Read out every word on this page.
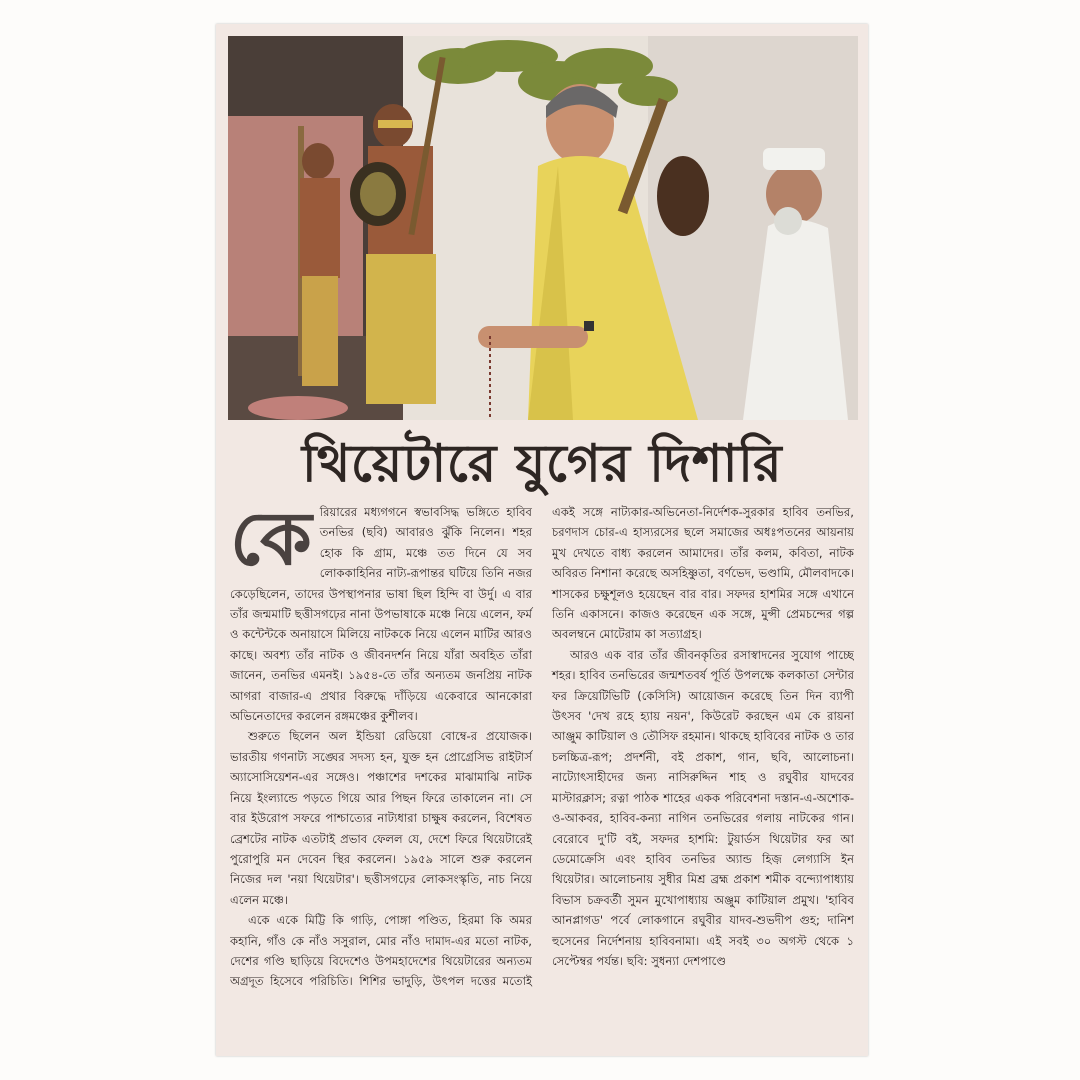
থিয়েটারে যুগের দিশারি

কেরিয়ারের মধ্যগগনে স্বভাবসিদ্ধ ভঙ্গিতে হাবিব তনভির (ছবি) আবারও ঝুঁকি নিলেন। শহর হোক কি গ্রাম, মঞ্চে তত দিনে যে সব লোককাহিনির নাট্য-রূপান্তর ঘটিয়ে তিনি নজর কেড়েছিলেন, তাদের উপস্থাপনার ভাষা ছিল হিন্দি বা উর্দু। এ বার তাঁর জন্মমাটি ছত্তীসগঢ়ের নানা উপভাষাকে মঞ্চে নিয়ে এলেন, ফর্ম ও কন্টেন্টকে অনায়াসে মিলিয়ে নাটককে নিয়ে এলেন মাটির আরও কাছে। অবশ্য তাঁর নাটক ও জীবনদর্শন নিয়ে যাঁরা অবহিত তাঁরা জানেন, তনভির এমনই। ১৯৫৪-তে তাঁর অন্যতম জনপ্রিয় নাটক আগরা বাজার-এ প্রথার বিরুদ্ধে দাঁড়িয়ে একেবারে আনকোরা অভিনেতাদের করলেন রঙ্গমঞ্চের কুশীলব।

শুরুতে ছিলেন অল ইন্ডিয়া রেডিয়ো বোম্বে-র প্রযোজক। ভারতীয় গণনাট্য সঙ্ঘের সদস্য হন, যুক্ত হন প্রোগ্রেসিভ রাইটার্স অ্যাসোসিয়েশন-এর সঙ্গেও। পঞ্চাশের দশকের মাঝামাঝি নাটক নিয়ে ইংল্যান্ডে পড়তে গিয়ে আর পিছন ফিরে তাকালেন না। সে বার ইউরোপ সফরে পাশ্চাত্যের নাট্যধারা চাক্ষুষ করলেন, বিশেষত ব্রেশটের নাটক এতটাই প্রভাব ফেলল যে, দেশে ফিরে থিয়েটারেই পুরোপুরি মন দেবেন স্থির করলেন। ১৯৫৯ সালে শুরু করলেন নিজের দল 'নয়া থিয়েটার'। ছত্তীসগঢ়ের লোকসংস্কৃতি, নাচ নিয়ে এলেন মঞ্চে।

একে একে মিট্টি কি গাড়ি, পোঙ্গা পণ্ডিত, হিরমা কি অমর কহানি, গাঁও কে নাঁও সসুরাল, মোর নাঁও দামাদ-এর মতো নাটক, দেশের গণ্ডি ছাড়িয়ে বিদেশেও উপমহাদেশের থিয়েটারের অন্যতম অগ্রদূত হিসেবে পরিচিতি। শিশির ভাদুড়ি, উৎপল দত্তের মতোই একই সঙ্গে নাট্যকার-অভিনেতা-নির্দেশক-সুরকার হাবিব তনভির, চরণদাস চোর-এ হাস্যরসের ছলে সমাজের অধঃপতনের আয়নায় মুখ দেখতে বাধ্য করলেন আমাদের। তাঁর কলম, কবিতা, নাটক অবিরত নিশানা করেছে অসহিষ্ণুতা, বর্ণভেদ, ভণ্ডামি, মৌলবাদকে। শাসকের চক্ষুশূলও হয়েছেন বার বার। সফদর হাশমির সঙ্গে এখানে তিনি একাসনে। কাজও করেছেন এক সঙ্গে, মুন্সী প্রেমচন্দের গল্প অবলম্বনে মোটেরাম কা সত্যাগ্রহ।

আরও এক বার তাঁর জীবনকৃতির রসাস্বাদনের সুযোগ পাচ্ছে শহর। হাবিব তনভিরের জন্মশতবর্ষ পূর্তি উপলক্ষে কলকাতা সেন্টার ফর ক্রিয়েটিভিটি (কেসিসি) আয়োজন করেছে তিন দিন ব্যাপী উৎসব 'দেখ রহে হ্যায় নয়ন', কিউরেট করছেন এম কে রায়না আঞ্জুম কাটিয়াল ও তৌসিফ রহমান। থাকছে হাবিবের নাটক ও তার চলচ্চিত্র-রূপ; প্রদর্শনী, বই প্রকাশ, গান, ছবি, আলোচনা। নাট্যোৎসাহীদের জন্য নাসিরুদ্দিন শাহ ও রঘুবীর যাদবের মাস্টারক্লাস; রত্না পাঠক শাহের একক পরিবেশনা দস্তান-এ-অশোক-ও-আকবর, হাবিব-কন্যা নাগিন তনভিরের গলায় নাটকের গান। বেরোবে দু'টি বই, সফদর হাশমি: টুয়ার্ডস থিয়েটার ফর আ ডেমোক্রেসি এবং হাবিব তনভির অ্যান্ড হিজ় লেগ্যাসি ইন থিয়েটার। আলোচনায় সুধীর মিশ্র ব্রহ্ম প্রকাশ শমীক বন্দ্যোপাধ্যায় বিভাস চক্রবর্তী সুমন মুখোপাধ্যায় অঞ্জুম কাটিয়াল প্রমুখ। 'হাবিব আনপ্লাগড' পর্বে লোকগানে রঘুবীর যাদব-শুভদীপ গুহ; দানিশ হুসেনের নির্দেশনায় হাবিবনামা। এই সবই ৩০ অগস্ট থেকে ১ সেপ্টেম্বর পর্যন্ত। ছবি: সুধন্যা দেশপাণ্ডে
